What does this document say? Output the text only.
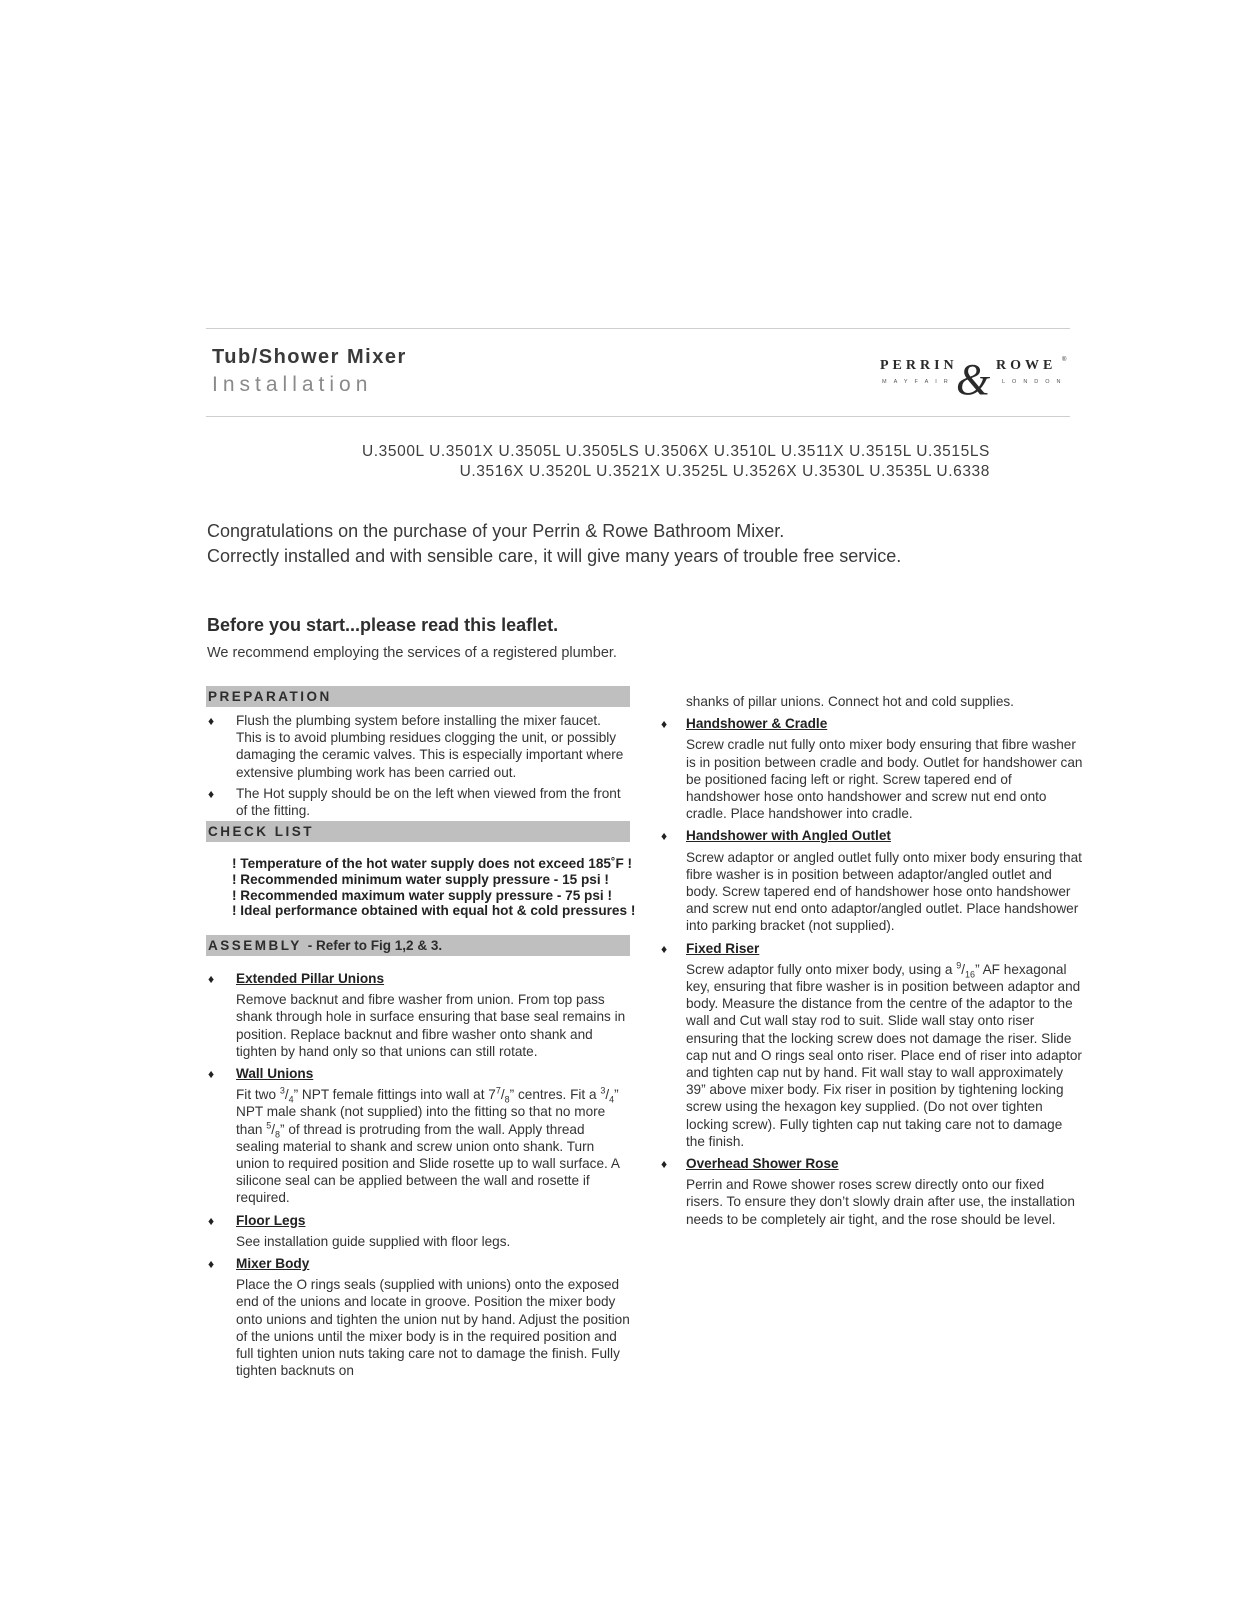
Tub/Shower Mixer
Installation
PERRIN
& ROWE ®
MAYFAIR	LONDON
U.3500L U.3501X U.3505L U.3505LS U.3506X U.3510L U.3511X U.3515L U.3515LS
U.3516X U.3520L U.3521X U.3525L U.3526X U.3530L U.3535L U.6338
Congratulations on the purchase of your Perrin & Rowe Bathroom Mixer.
Correctly installed and with sensible care, it will give many years of trouble free service.
Before you start...please read this leaflet.
We recommend employing the services of a registered plumber.
PREPARATION
♦ Flush the plumbing system before installing the mixer faucet. This is to avoid plumbing residues clogging the unit, or possibly damaging the ceramic valves. This is especially important where extensive plumbing work has been carried out.
♦ The Hot supply should be on the left when viewed from the front of the fitting.
CHECK LIST
! Temperature of the hot water supply does not exceed 185˚F !
! Recommended minimum water supply pressure - 15 psi !
! Recommended maximum water supply pressure - 75 psi !
! Ideal performance obtained with equal hot & cold pressures !
ASSEMBLY - Refer to Fig 1,2 & 3.
♦ Extended Pillar Unions
Remove backnut and fibre washer from union. From top pass shank through hole in surface ensuring that base seal remains in position. Replace backnut and fibre washer onto shank and tighten by hand only so that unions can still rotate.
♦ Wall Unions
Fit two $^3/_4$” NPT female fittings into wall at $7^7/_8$” centres. Fit a $^3/_4$” NPT male shank (not supplied) into the fitting so that no more than $^5/_8$” of thread is protruding from the wall. Apply thread sealing material to shank and screw union onto shank. Turn union to required position and Slide rosette up to wall surface. A silicone seal can be applied between the wall and rosette if required.
♦ Floor Legs
See installation guide supplied with floor legs.
♦ Mixer Body
Place the O rings seals (supplied with unions) onto the exposed end of the unions and locate in groove. Position the mixer body onto unions and tighten the union nut by hand. Adjust the position of the unions until the mixer body is in the required position and full tighten union nuts taking care not to damage the finish. Fully tighten backnuts on
shanks of pillar unions. Connect hot and cold supplies.
♦ Handshower & Cradle
Screw cradle nut fully onto mixer body ensuring that fibre washer is in position between cradle and body. Outlet for handshower can be positioned facing left or right. Screw tapered end of handshower hose onto handshower and screw nut end onto cradle. Place handshower into cradle.
♦ Handshower with Angled Outlet
Screw adaptor or angled outlet fully onto mixer body ensuring that fibre washer is in position between adaptor/angled outlet and body. Screw tapered end of handshower hose onto handshower and screw nut end onto adaptor/angled outlet. Place handshower into parking bracket (not supplied).
♦ Fixed Riser
Screw adaptor fully onto mixer body, using a $^9/_{16}$” AF hexagonal key, ensuring that fibre washer is in position between adaptor and body. Measure the distance from the centre of the adaptor to the wall and Cut wall stay rod to suit. Slide wall stay onto riser ensuring that the locking screw does not damage the riser. Slide cap nut and O rings seal onto riser. Place end of riser into adaptor and tighten cap nut by hand. Fit wall stay to wall approximately 39” above mixer body. Fix riser in position by tightening locking screw using the hexagon key supplied. (Do not over tighten locking screw). Fully tighten cap nut taking care not to damage the finish.
♦ Overhead Shower Rose
Perrin and Rowe shower roses screw directly onto our fixed risers. To ensure they don’t slowly drain after use, the installation needs to be completely air tight, and the rose should be level.
